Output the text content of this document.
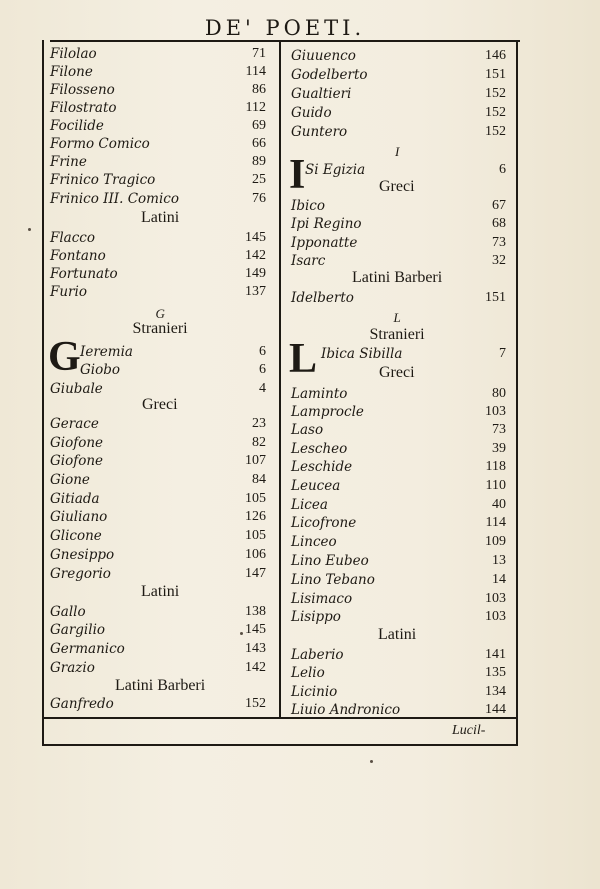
DE' POETI.
Filolao	71
Filone	114
Filosseno	86
Filostrato	112
Focilide	69
Formo Comico	66
Frine	89
Frinico Tragico	25
Frinico III. Comico	76
Latini
Flacco	145
Fontano	142
Fortunato	149
Furio	137
G
Stranieri
G Ieremia	6
Giobo	6
Giubale	4
Greci
Gerace	23
Giofone	82
Giofone	107
Gione	84
Gitiada	105
Giuliano	126
Glicone	105
Gnesippo	106
Gregorio	147
Latini
Gallo	138
Gargilio	145
Germanico	143
Grazio	142
Latini Barberi
Ganfredo	152
Giuuenco	146
Godelberto	151
Gualtieri	152
Guido	152
Guntero	152
I
I Si Egizia	6
Greci
Ibico	67
Ipi Regino	68
Ipponatte	73
Isarc	32
Latini Barberi
Idelberto	151
L
Stranieri
L Ibica Sibilla	7
Greci
Laminto	80
Lamprocle	103
Laso	73
Lescheo	39
Leschide	118
Leucea	110
Licea	40
Licofrone	114
Linceo	109
Lino Eubeo	13
Lino Tebano	14
Lisimaco	103
Lisippo	103
Latini
Laberio	141
Lelio	135
Licinio	134
Liuio Andronico	144
Lucil-
